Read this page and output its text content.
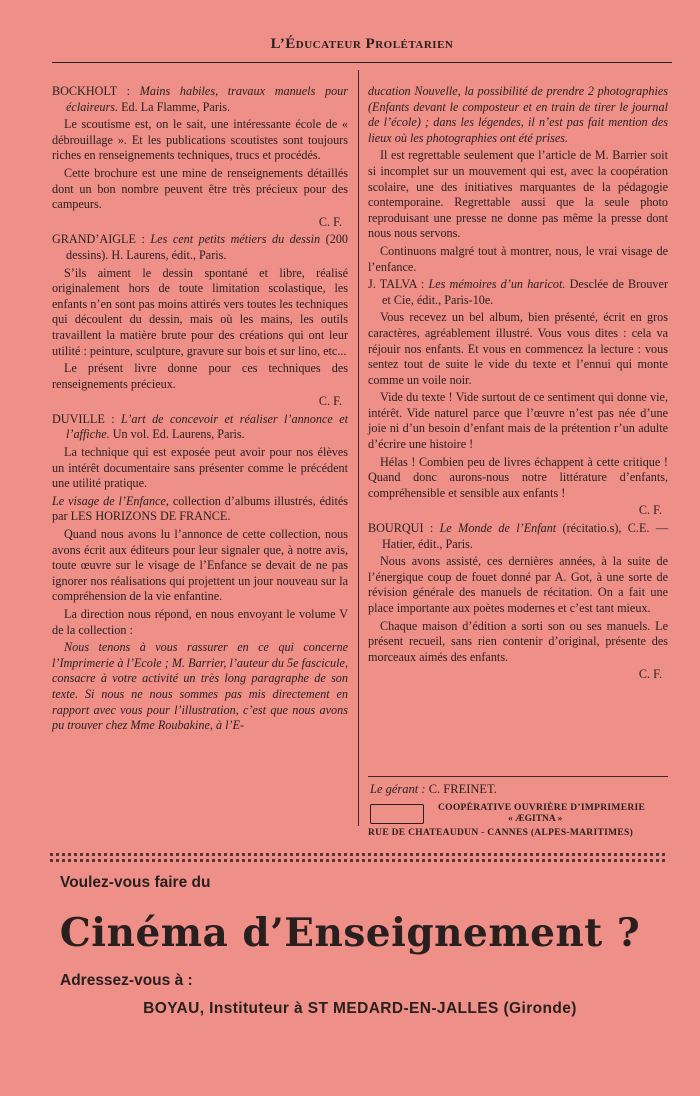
L’Éducateur Prolétarien

BOCKHOLT : Mains habiles, travaux manuels pour éclaireurs. Ed. La Flamme, Paris.

Le scoutisme est, on le sait, une intéressante école de « débrouillage ». Et les publications scoutistes sont toujours riches en renseignements techniques, trucs et procédés.

Cette brochure est une mine de renseignements détaillés dont un bon nombre peuvent être très précieux pour des campeurs.

C. F.

GRAND’AIGLE : Les cent petits métiers du dessin (200 dessins). H. Laurens, édit., Paris.

S’ils aiment le dessin spontané et libre, réalisé originalement hors de toute limitation scolastique, les enfants n’en sont pas moins attirés vers toutes les techniques qui découlent du dessin, mais où les mains, les outils travaillent la matière brute pour des créations qui ont leur utilité : peinture, sculpture, gravure sur bois et sur lino, etc...

Le présent livre donne pour ces techniques des renseignements précieux.

C. F.

DUVILLE : L’art de concevoir et réaliser l’annonce et l’affiche. Un vol. Ed. Laurens, Paris.

La technique qui est exposée peut avoir pour nos élèves un intérêt documentaire sans présenter comme le précédent une utilité pratique.

Le visage de l’Enfance, collection d’albums illustrés, édités par LES HORIZONS DE FRANCE.

Quand nous avons lu l’annonce de cette collection, nous avons écrit aux éditeurs pour leur signaler que, à notre avis, toute œuvre sur le visage de l’Enfance se devait de ne pas ignorer nos réalisations qui projettent un jour nouveau sur la compréhension de la vie enfantine.

La direction nous répond, en nous envoyant le volume V de la collection :

Nous tenons à vous rassurer en ce qui concerne l’Imprimerie à l’Ecole ; M. Barrier, l’auteur du 5e fascicule, consacre à votre activité un très long paragraphe de son texte. Si nous ne nous sommes pas mis directement en rapport avec vous pour l’illustration, c’est que nous avons pu trouver chez Mme Roubakine, à l’E-

ducation Nouvelle, la possibilité de prendre 2 photographies (Enfants devant le composteur et en train de tirer le journal de l’école) ; dans les légendes, il n’est pas fait mention des lieux où les photographies ont été prises.

Il est regrettable seulement que l’article de M. Barrier soit si incomplet sur un mouvement qui est, avec la coopération scolaire, une des initiatives marquantes de la pédagogie contemporaine. Regrettable aussi que la seule photo reproduisant une presse ne donne pas même la presse dont nous nous servons.

Continuons malgré tout à montrer, nous, le vrai visage de l’enfance.

J. TALVA : Les mémoires d’un haricot. Desclée de Brouver et Cie, édit., Paris-10e.

Vous recevez un bel album, bien présenté, écrit en gros caractères, agréablement illustré. Vous vous dites : cela va réjouir nos enfants. Et vous en commencez la lecture : vous sentez tout de suite le vide du texte et l’ennui qui monte comme un voile noir.

Vide du texte ! Vide surtout de ce sentiment qui donne vie, intérêt. Vide naturel parce que l’œuvre n’est pas née d’une joie ni d’un besoin d’enfant mais de la prétention r’un adulte d’écrire une histoire !

Hélas ! Combien peu de livres échappent à cette critique ! Quand donc aurons-nous notre littérature d’enfants, compréhensible et sensible aux enfants !

C. F.

BOURQUI : Le Monde de l’Enfant (récitatio.s), C.E. — Hatier, édit., Paris.

Nous avons assisté, ces dernières années, à la suite de l’énergique coup de fouet donné par A. Got, à une sorte de révision générale des manuels de récitation. On a fait une place importante aux poètes modernes et c’est tant mieux.

Chaque maison d’édition a sorti son ou ses manuels. Le présent recueil, sans rien contenir d’original, présente des morceaux aimés des enfants.

C. F.

Le gérant : C. FREINET.
COOPÉRATIVE OUVRIÈRE D’IMPRIMERIE
« ÆGITNA »
RUE DE CHATEAUDUN - CANNES (ALPES-MARITIMES)
Voulez-vous faire du
Cinéma d’Enseignement ?
Adressez-vous à :
BOYAU, Instituteur à ST MEDARD-EN-JALLES (Gironde)
